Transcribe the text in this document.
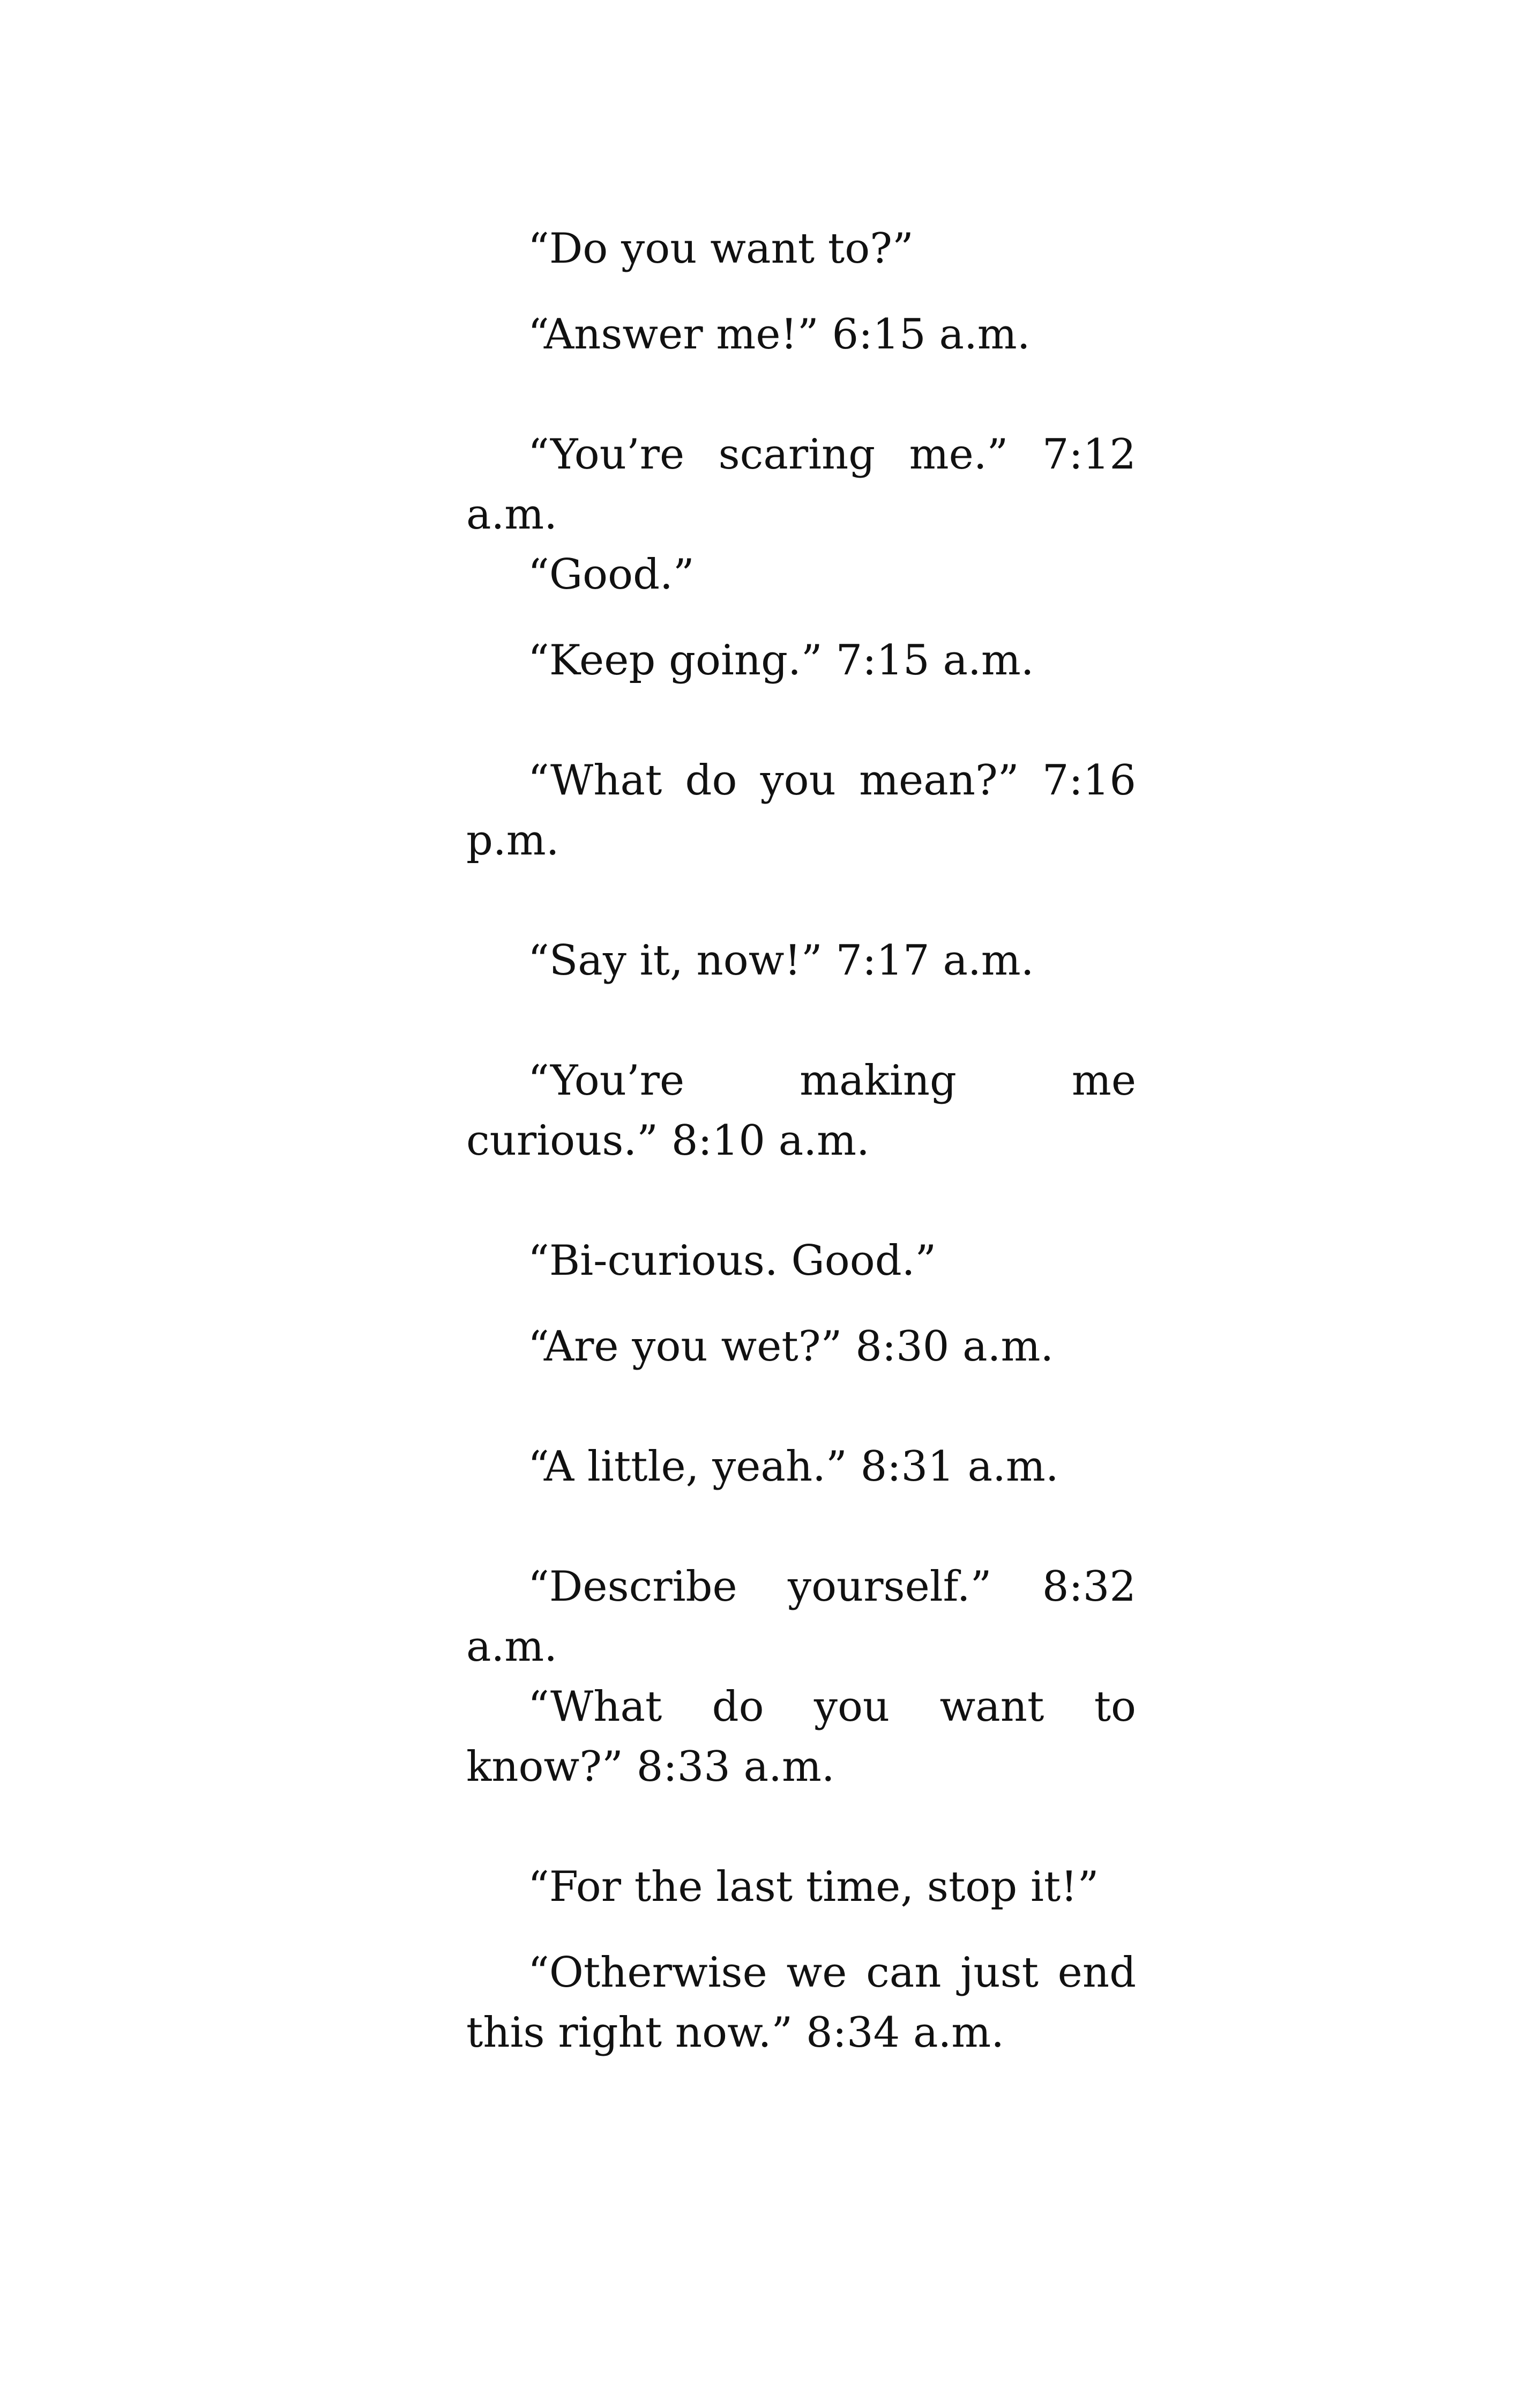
“Do you want to?”

“Answer me!” 6:15 a.m.

“You’re scaring me.” 7:12 a.m.

“Good.”

“Keep going.” 7:15 a.m.

“What do you mean?” 7:16 p.m.

“Say it, now!” 7:17 a.m.

“You’re making me curious.” 8:10 a.m.

“Bi-curious. Good.”

“Are you wet?” 8:30 a.m.

“A little, yeah.” 8:31 a.m.

“Describe yourself.” 8:32 a.m.

“What do you want to know?” 8:33 a.m.

“For the last time, stop it!”

“Otherwise we can just end this right now.” 8:34 a.m.
